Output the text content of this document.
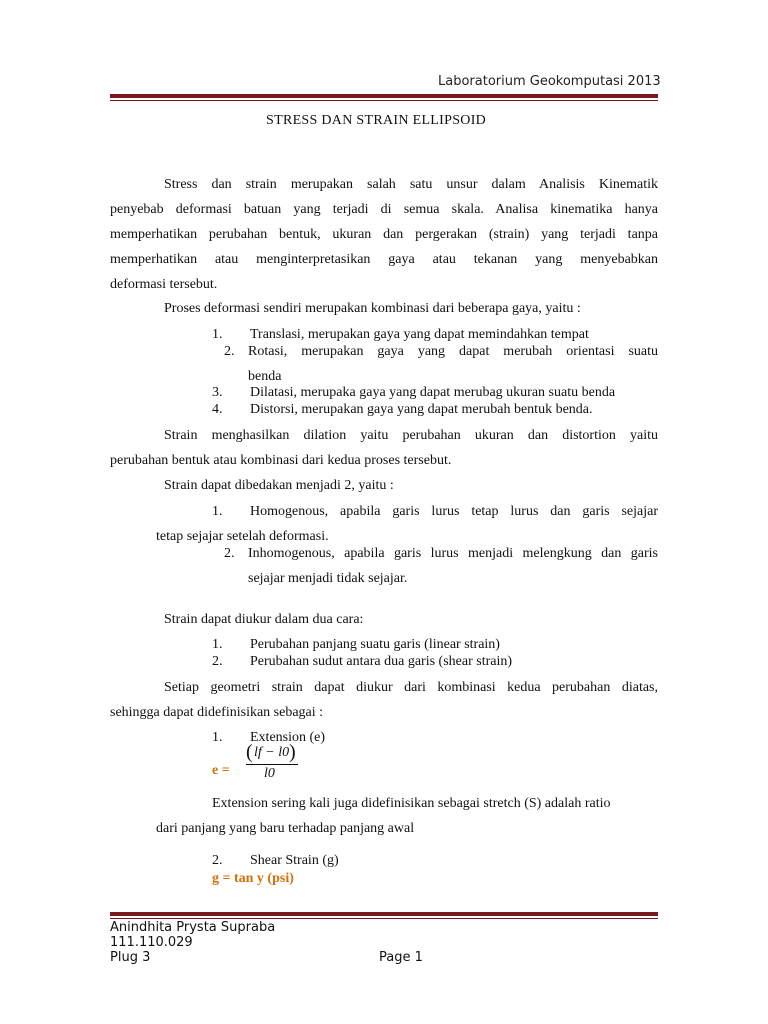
Laboratorium Geokomputasi 2013
STRESS DAN STRAIN ELLIPSOID
Stress dan strain merupakan salah satu unsur dalam Analisis Kinematik
penyebab deformasi batuan yang terjadi di semua skala. Analisa kinematika hanya
memperhatikan perubahan bentuk, ukuran dan pergerakan (strain) yang terjadi tanpa
memperhatikan atau menginterpretasikan gaya atau tekanan yang menyebabkan
deformasi tersebut.
Proses deformasi sendiri merupakan kombinasi dari beberapa gaya, yaitu :
1. Translasi, merupakan gaya yang dapat memindahkan tempat
2. Rotasi, merupakan gaya yang dapat merubah orientasi suatu
benda
3. Dilatasi, merupaka gaya yang dapat merubag ukuran suatu benda
4. Distorsi, merupakan gaya yang dapat merubah bentuk benda.
Strain menghasilkan dilation yaitu perubahan ukuran dan distortion yaitu
perubahan bentuk atau kombinasi dari kedua proses tersebut.
Strain dapat dibedakan menjadi 2, yaitu :
1. Homogenous, apabila garis lurus tetap lurus dan garis sejajar
tetap sejajar setelah deformasi.
2. Inhomogenous, apabila garis lurus menjadi melengkung dan garis
sejajar menjadi tidak sejajar.
Strain dapat diukur dalam dua cara:
1. Perubahan panjang suatu garis (linear strain)
2. Perubahan sudut antara dua garis (shear strain)
Setiap geometri strain dapat diukur dari kombinasi kedua perubahan diatas,
sehingga dapat didefinisikan sebagai :
1. Extension (e)
e =
( lf − l0 )
l0
Extension sering kali juga didefinisikan sebagai stretch (S) adalah ratio
dari panjang yang baru terhadap panjang awal
2. Shear Strain (g)
g = tan y (psi)
Anindhita Prysta Supraba
111.110.029
Plug 3	Page 1
